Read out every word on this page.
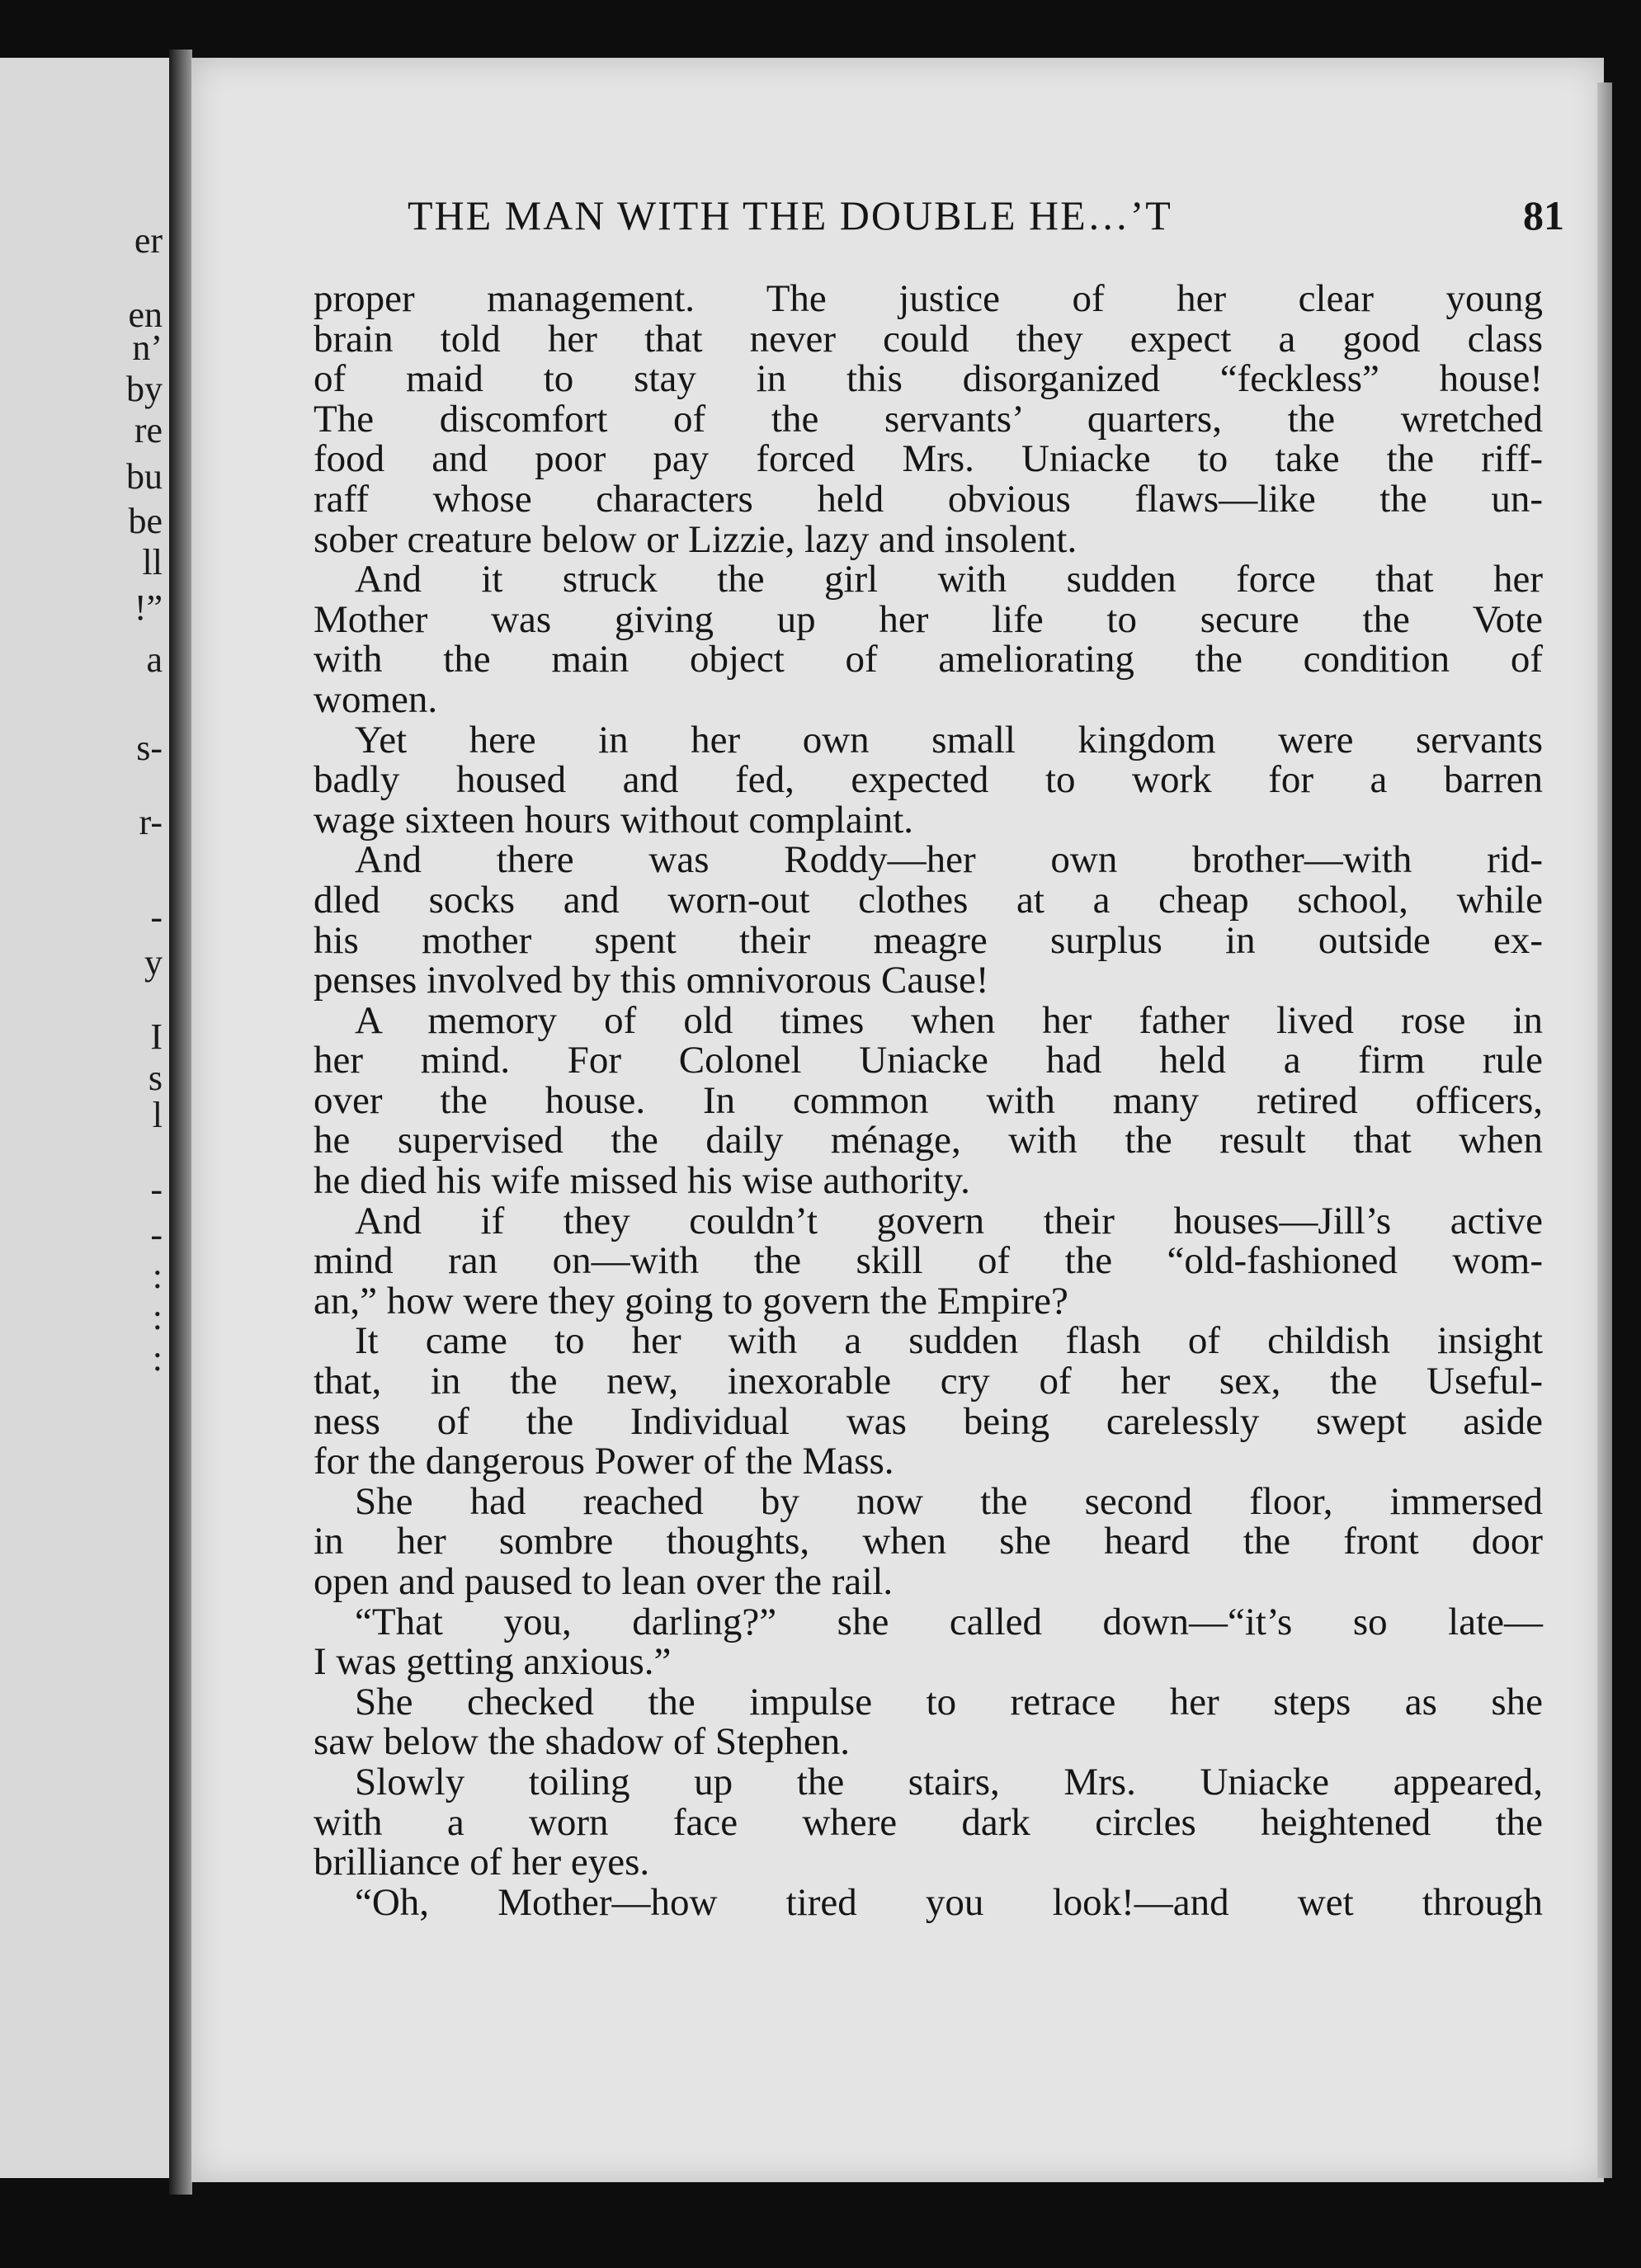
er
en
n’
by
re
bu
be
ll
!”
a
s-
r-
-
y
I
s
l
-
-
:
:
:
THE MAN WITH THE DOUBLE HE…’T	81
proper management. The justice of her clear young
brain told her that never could they expect a good class
of maid to stay in this disorganized “feckless” house!
The discomfort of the servants’ quarters, the wretched
food and poor pay forced Mrs. Uniacke to take the riff-
raff whose characters held obvious flaws—like the un-
sober creature below or Lizzie, lazy and insolent.
And it struck the girl with sudden force that her
Mother was giving up her life to secure the Vote
with the main object of ameliorating the condition of
women.
Yet here in her own small kingdom were servants
badly housed and fed, expected to work for a barren
wage sixteen hours without complaint.
And there was Roddy—her own brother—with rid-
dled socks and worn-out clothes at a cheap school, while
his mother spent their meagre surplus in outside ex-
penses involved by this omnivorous Cause!
A memory of old times when her father lived rose in
her mind. For Colonel Uniacke had held a firm rule
over the house. In common with many retired officers,
he supervised the daily ménage, with the result that when
he died his wife missed his wise authority.
And if they couldn’t govern their houses—Jill’s active
mind ran on—with the skill of the “old-fashioned wom-
an,” how were they going to govern the Empire?
It came to her with a sudden flash of childish insight
that, in the new, inexorable cry of her sex, the Useful-
ness of the Individual was being carelessly swept aside
for the dangerous Power of the Mass.
She had reached by now the second floor, immersed
in her sombre thoughts, when she heard the front door
open and paused to lean over the rail.
“That you, darling?” she called down—“it’s so late—
I was getting anxious.”
She checked the impulse to retrace her steps as she
saw below the shadow of Stephen.
Slowly toiling up the stairs, Mrs. Uniacke appeared,
with a worn face where dark circles heightened the
brilliance of her eyes.
“Oh, Mother—how tired you look!—and wet through
